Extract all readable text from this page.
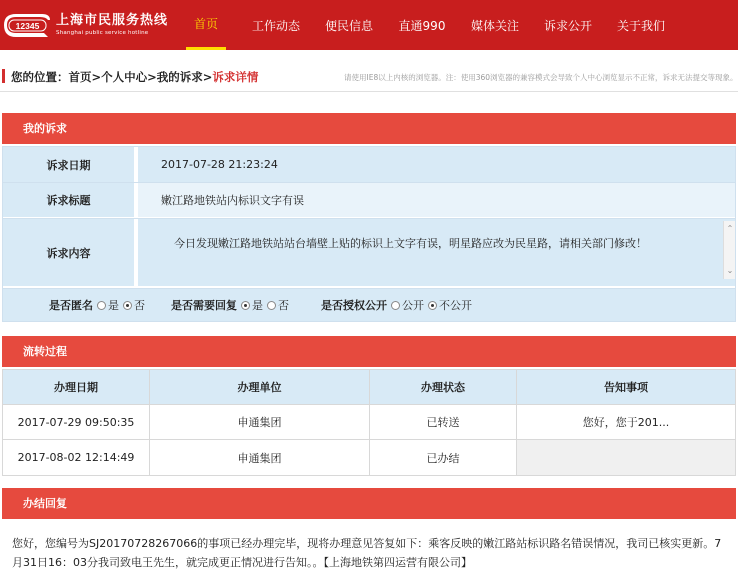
12345 上海市民服务热线
Shanghai public service hotline
首页	工作动态	便民信息	直通990	媒体关注	诉求公开	关于我们
您的位置：首页>个人中心>我的诉求>诉求详情	请使用IE8以上内核的浏览器。注：使用360浏览器的兼容模式会导致个人中心浏览显示不正常，诉求无法提交等现象。
我的诉求
诉求日期	2017-07-28 21:23:24
诉求标题	嫩江路地铁站内标识文字有误
诉求内容
今日发现嫩江路地铁站站台墙壁上贴的标识上文字有误，明星路应改为民星路，请相关部门修改！
⌃
⌄
是否匿名 是 否 是否需要回复 是 否	是否授权公开 公开 不公开
流转过程
办理日期	办理单位	办理状态	告知事项
2017-07-29 09:50:35	申通集团	已转送	您好，您于201...
2017-08-02 12:14:49	申通集团	已办结
办结回复
您好，您编号为SJ20170728267066的事项已经办理完毕，现将办理意见答复如下：乘客反映的嫩江路站标识路名错误情况，我司已核实更新。7月31日16：03分我司致电王先生，就完成更正情况进行告知。。【上海地铁第四运营有限公司】
